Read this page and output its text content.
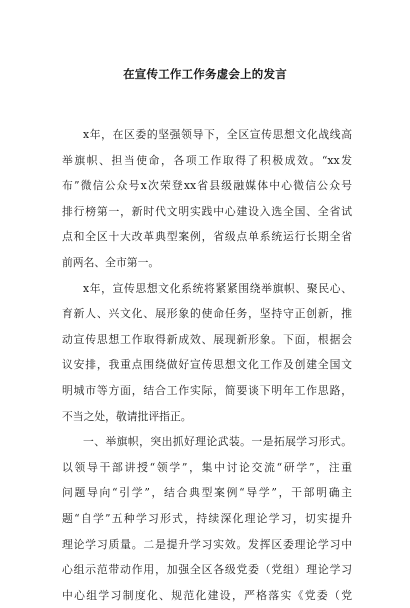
在宣传工作工作务虚会上的发言
x年，在区委的坚强领导下，全区宣传思想文化战线高
举旗帜、担当使命，各项工作取得了积极成效。“xx发
布”微信公众号x次荣登xx省县级融媒体中心微信公众号
排行榜第一，新时代文明实践中心建设入选全国、全省试
点和全区十大改革典型案例，省级点单系统运行长期全省
前两名、全市第一。
x年，宣传思想文化系统将紧紧围绕举旗帜、聚民心、
育新人、兴文化、展形象的使命任务，坚持守正创新，推
动宣传思想工作取得新成效、展现新形象。下面，根据会
议安排，我重点围绕做好宣传思想文化工作及创建全国文
明城市等方面，结合工作实际，简要谈下明年工作思路，
不当之处，敬请批评指正。
一、举旗帜，突出抓好理论武装。一是拓展学习形式。
以领导干部讲授“领学”，集中讨论交流“研学”，注重
问题导向“引学”，结合典型案例“导学”，干部明确主
题“自学”五种学习形式，持续深化理论学习，切实提升
理论学习质量。二是提升学习实效。发挥区委理论学习中
心组示范带动作用，加强全区各级党委（党组）理论学习
中心组学习制度化、规范化建设，严格落实《党委（党
